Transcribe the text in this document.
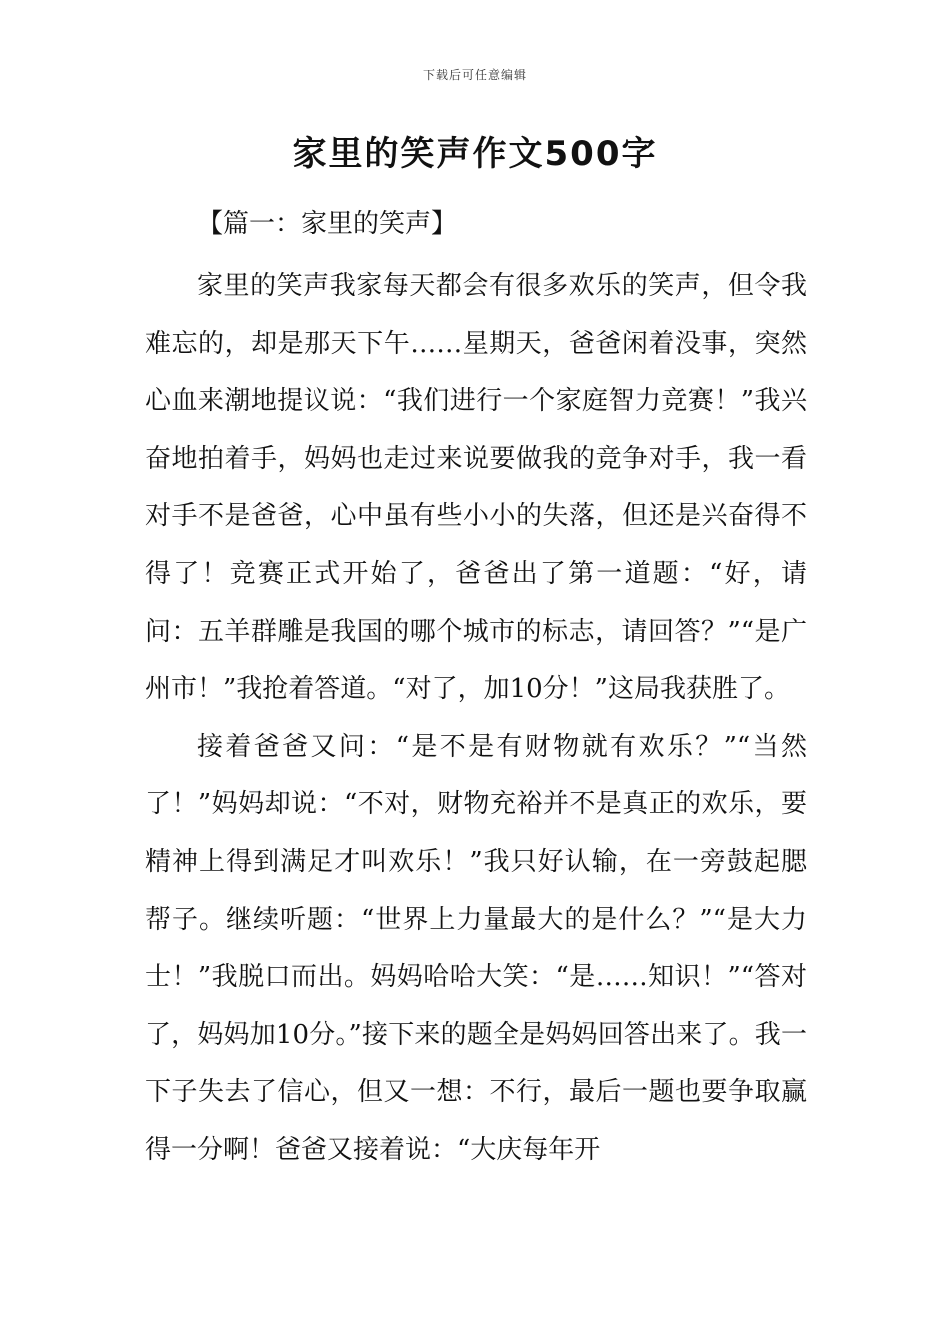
下载后可任意编辑
家里的笑声作文500字
【篇一：家里的笑声】

家里的笑声我家每天都会有很多欢乐的笑声，但令我难忘的，却是那天下午……星期天，爸爸闲着没事，突然心血来潮地提议说：“我们进行一个家庭智力竞赛！”我兴奋地拍着手，妈妈也走过来说要做我的竞争对手，我一看对手不是爸爸，心中虽有些小小的失落，但还是兴奋得不得了！竞赛正式开始了，爸爸出了第一道题：“好，请问：五羊群雕是我国的哪个城市的标志，请回答？”“是广州市！”我抢着答道。“对了，加10分！”这局我获胜了。

接着爸爸又问：“是不是有财物就有欢乐？”“当然了！”妈妈却说：“不对，财物充裕并不是真正的欢乐，要精神上得到满足才叫欢乐！”我只好认输，在一旁鼓起腮帮子。继续听题：“世界上力量最大的是什么？”“是大力士！”我脱口而出。妈妈哈哈大笑：“是……知识！”“答对了，妈妈加10分。”接下来的题全是妈妈回答出来了。我一下子失去了信心，但又一想：不行，最后一题也要争取赢得一分啊！爸爸又接着说：“大庆每年开
